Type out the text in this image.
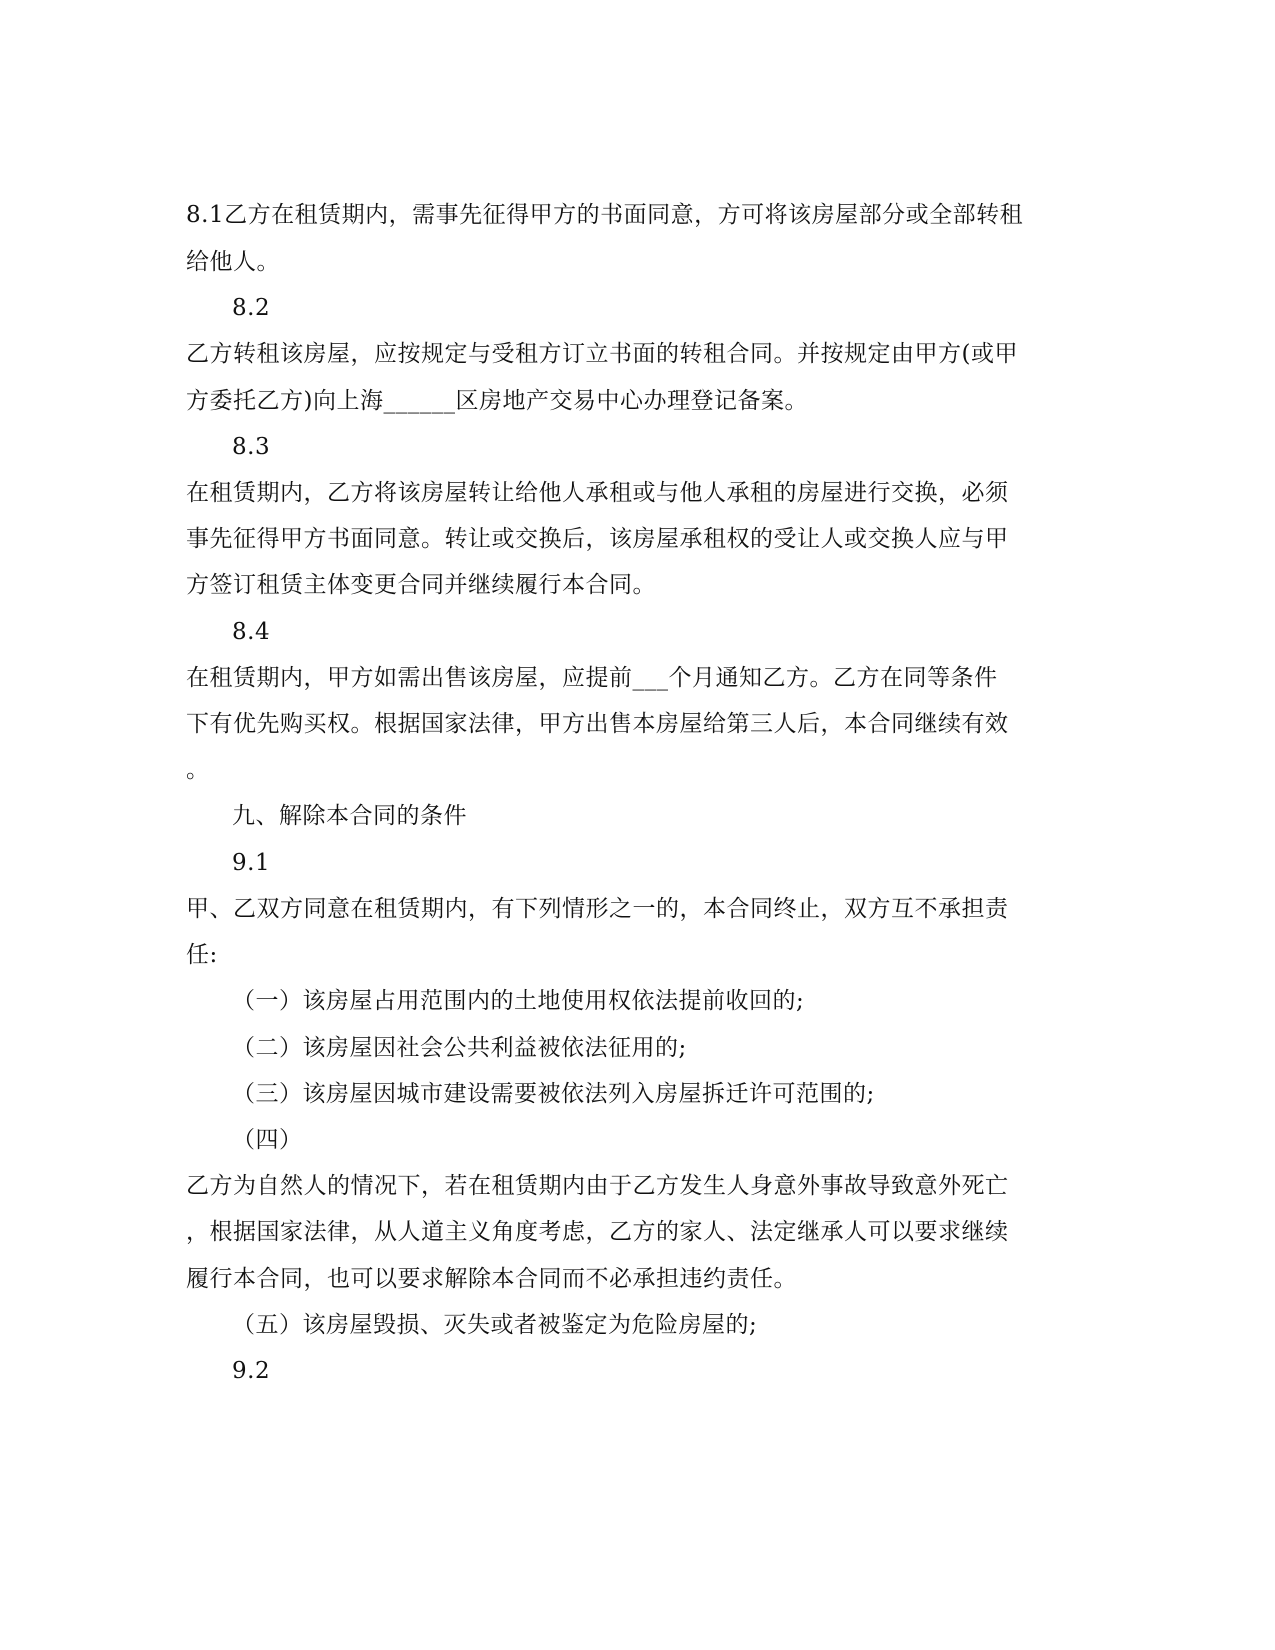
8.1乙方在租赁期内，需事先征得甲方的书面同意，方可将该房屋部分或全部转租
给他人。
8.2
乙方转租该房屋，应按规定与受租方订立书面的转租合同。并按规定由甲方(或甲
方委托乙方)向上海______区房地产交易中心办理登记备案。
8.3
在租赁期内，乙方将该房屋转让给他人承租或与他人承租的房屋进行交换，必须
事先征得甲方书面同意。转让或交换后，该房屋承租权的受让人或交换人应与甲
方签订租赁主体变更合同并继续履行本合同。
8.4
在租赁期内，甲方如需出售该房屋，应提前___个月通知乙方。乙方在同等条件
下有优先购买权。根据国家法律，甲方出售本房屋给第三人后，本合同继续有效
。
九、解除本合同的条件
9.1
甲、乙双方同意在租赁期内，有下列情形之一的，本合同终止，双方互不承担责
任:
（一）该房屋占用范围内的土地使用权依法提前收回的;
（二）该房屋因社会公共利益被依法征用的;
（三）该房屋因城市建设需要被依法列入房屋拆迁许可范围的;
（四）
乙方为自然人的情况下，若在租赁期内由于乙方发生人身意外事故导致意外死亡
，根据国家法律，从人道主义角度考虑，乙方的家人、法定继承人可以要求继续
履行本合同，也可以要求解除本合同而不必承担违约责任。
（五）该房屋毁损、灭失或者被鉴定为危险房屋的;
9.2
